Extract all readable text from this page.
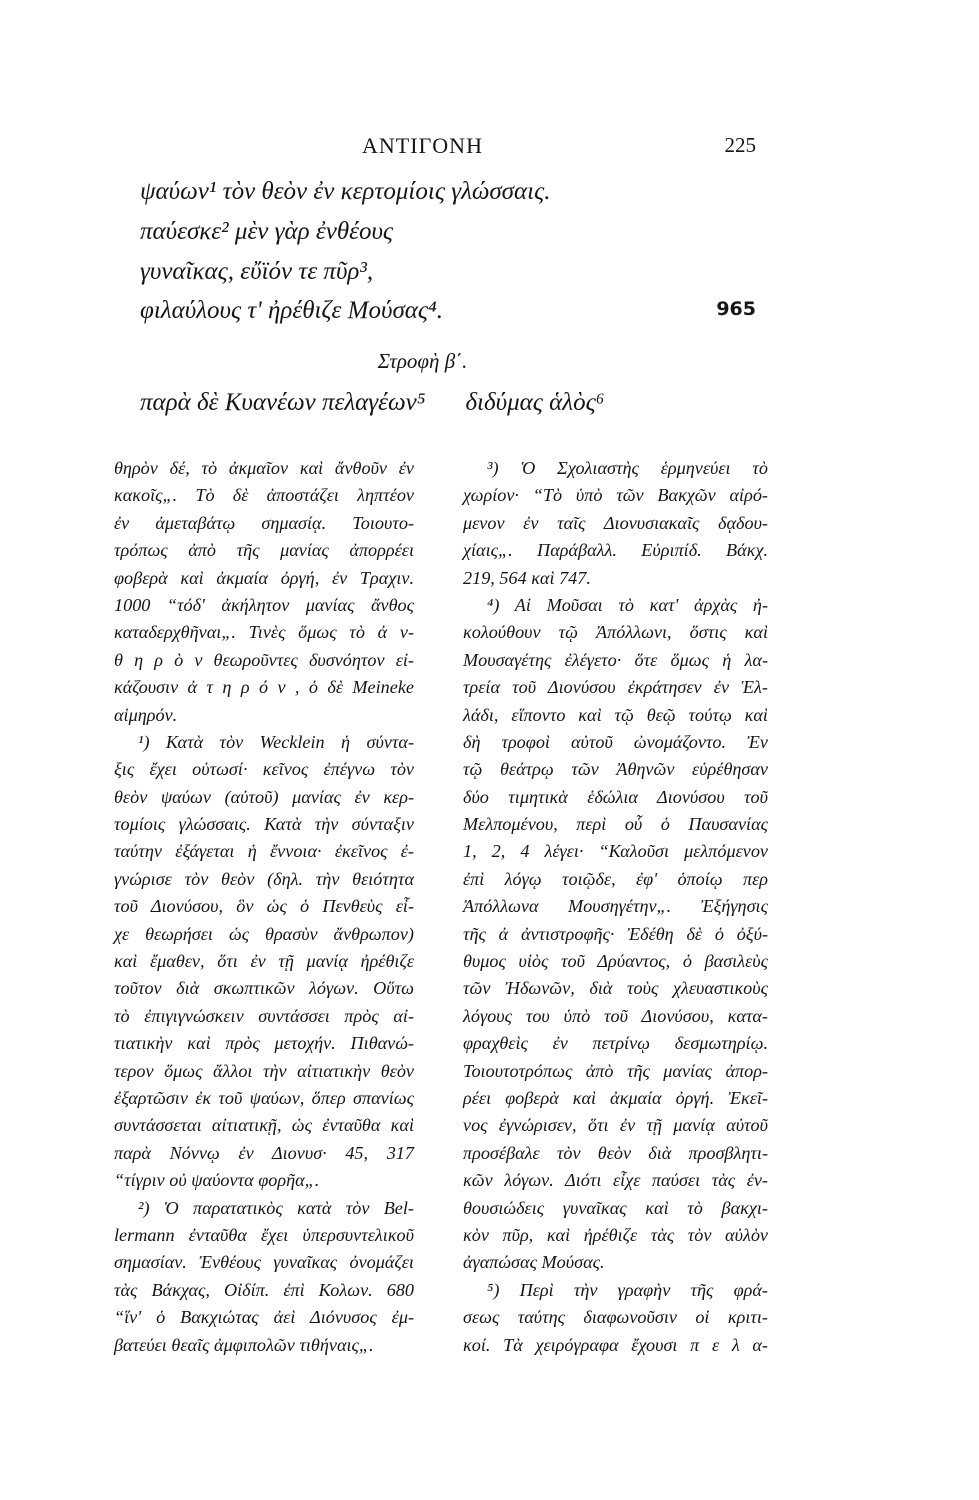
ΑΝΤΙΓΟΝΗ	225

ψαύων¹ τὸν θεὸν ἐν κερτομίοις γλώσσαις.

παύεσκε² μὲν γὰρ ἐνθέους

γυναῖκας, εὔϊόν τε πῦρ³,

φιλαύλους τ' ἠρέθιζε Μούσας⁴.	965
Στροφὴ β΄.

παρὰ δὲ Κυανέων πελαγέων⁵ διδύμας ἁλὸς⁶

θηρὸν δέ, τὸ ἀκμαῖον καὶ ἄνθοῦν ἐν
κακοῖς„. Τὸ δὲ ἀποστάζει ληπτέον
ἐν ἀμεταβάτῳ σημασίᾳ. Τοιουτο-
τρόπως ἀπὸ τῆς μανίας ἀπορρέει
φοβερὰ καὶ ἀκμαία ὀργή, ἐν Τραχιν.
1000 “τόδ' ἀκήλητον μανίας ἄνθος
καταδερχθῆναι„. Τινὲς ὅμως τὸ ἀ ν-
θ η ρ ὸ ν θεωροῦντες δυσνόητον εἰ-
κάζουσιν ἀ τ η ρ ό ν , ὁ δὲ Meineke
αἱμηρόν.
¹) Κατὰ τὸν Wecklein ἡ σύντα-
ξις ἔχει οὑτωσί· κεῖνος ἐπέγνω τὸν
θεὸν ψαύων (αὐτοῦ) μανίας ἐν κερ-
τομίοις γλώσσαις. Κατὰ τὴν σύνταξιν
ταύτην ἐξάγεται ἡ ἔννοια· ἐκεῖνος ἐ-
γνώρισε τὸν θεὸν (δηλ. τὴν θειότητα
τοῦ Διονύσου, ὃν ὡς ὁ Πενθεὺς εἶ-
χε θεωρήσει ὡς θρασὺν ἄνθρωπον)
καὶ ἔμαθεν, ὅτι ἐν τῇ μανίᾳ ἠρέθιζε
τοῦτον διὰ σκωπτικῶν λόγων. Οὕτω
τὸ ἐπιγιγνώσκειν συντάσσει πρὸς αἰ-
τιατικὴν καὶ πρὸς μετοχήν. Πιθανώ-
τερον ὅμως ἄλλοι τὴν αἰτιατικὴν θεὸν
ἐξαρτῶσιν ἐκ τοῦ ψαύων, ὅπερ σπανίως
συντάσσεται αἰτιατικῇ, ὡς ἐνταῦθα καὶ
παρὰ Νόννῳ ἐν Διονυσ· 45, 317
“τίγριν οὐ ψαύοντα φορῆα„.
²) Ὁ παρατατικὸς κατὰ τὸν Bel-
lermann ἐνταῦθα ἔχει ὑπερσυντελικοῦ
σημασίαν. Ἐνθέους γυναῖκας ὀνομάζει
τὰς Βάκχας, Οἰδίπ. ἐπὶ Κολων. 680
“ἵν' ὁ Βακχιώτας ἀεὶ Διόνυσος ἐμ-
βατεύει θεαῖς ἀμφιπολῶν τιθήναις„.
³) Ὁ Σχολιαστὴς ἑρμηνεύει τὸ
χωρίον· “Τὸ ὑπὸ τῶν Βακχῶν αἰρό-
μενον ἐν ταῖς Διονυσιακαῖς δᾳδου-
χίαις„. Παράβαλλ. Εὐριπίδ. Βάκχ.
219, 564 καὶ 747.
⁴) Αἱ Μοῦσαι τὸ κατ' ἀρχὰς ἠ-
κολούθουν τῷ Ἀπόλλωνι, ὅστις καὶ
Μουσαγέτης ἐλέγετο· ὅτε ὅμως ἡ λα-
τρεία τοῦ Διονύσου ἐκράτησεν ἐν Ἑλ-
λάδι, εἵποντο καὶ τῷ θεῷ τούτῳ καὶ
δὴ τροφοὶ αὐτοῦ ὠνομάζοντο. Ἐν
τῷ θεάτρῳ τῶν Ἀθηνῶν εὑρέθησαν
δύο τιμητικὰ ἑδώλια Διονύσου τοῦ
Μελπομένου, περὶ οὗ ὁ Παυσανίας
1, 2, 4 λέγει· “Καλοῦσι μελπόμενον
ἐπὶ λόγῳ τοιῷδε, ἐφ' ὁποίῳ περ
Ἀπόλλωνα Μουσηγέτην„. Ἐξήγησις
τῆς ἀ ἀντιστροφῆς· Ἐδέθη δὲ ὁ ὀξύ-
θυμος υἱὸς τοῦ Δρύαντος, ὁ βασιλεὺς
τῶν Ἠδωνῶν, διὰ τοὺς χλευαστικοὺς
λόγους του ὑπὸ τοῦ Διονύσου, κατα-
φραχθεὶς ἐν πετρίνῳ δεσμωτηρίῳ.
Τοιουτοτρόπως ἀπὸ τῆς μανίας ἀπορ-
ρέει φοβερὰ καὶ ἀκμαία ὀργή. Ἐκεῖ-
νος ἐγνώρισεν, ὅτι ἐν τῇ μανίᾳ αὐτοῦ
προσέβαλε τὸν θεὸν διὰ προσβλητι-
κῶν λόγων. Διότι εἶχε παύσει τὰς ἐν-
θουσιώδεις γυναῖκας καὶ τὸ βακχι-
κὸν πῦρ, καὶ ἠρέθιζε τὰς τὸν αὐλὸν
ἀγαπώσας Μούσας.
⁵) Περὶ τὴν γραφὴν τῆς φρά-
σεως ταύτης διαφωνοῦσιν οἱ κριτι-
κοί. Τὰ χειρόγραφα ἔχουσι π ε λ α-
